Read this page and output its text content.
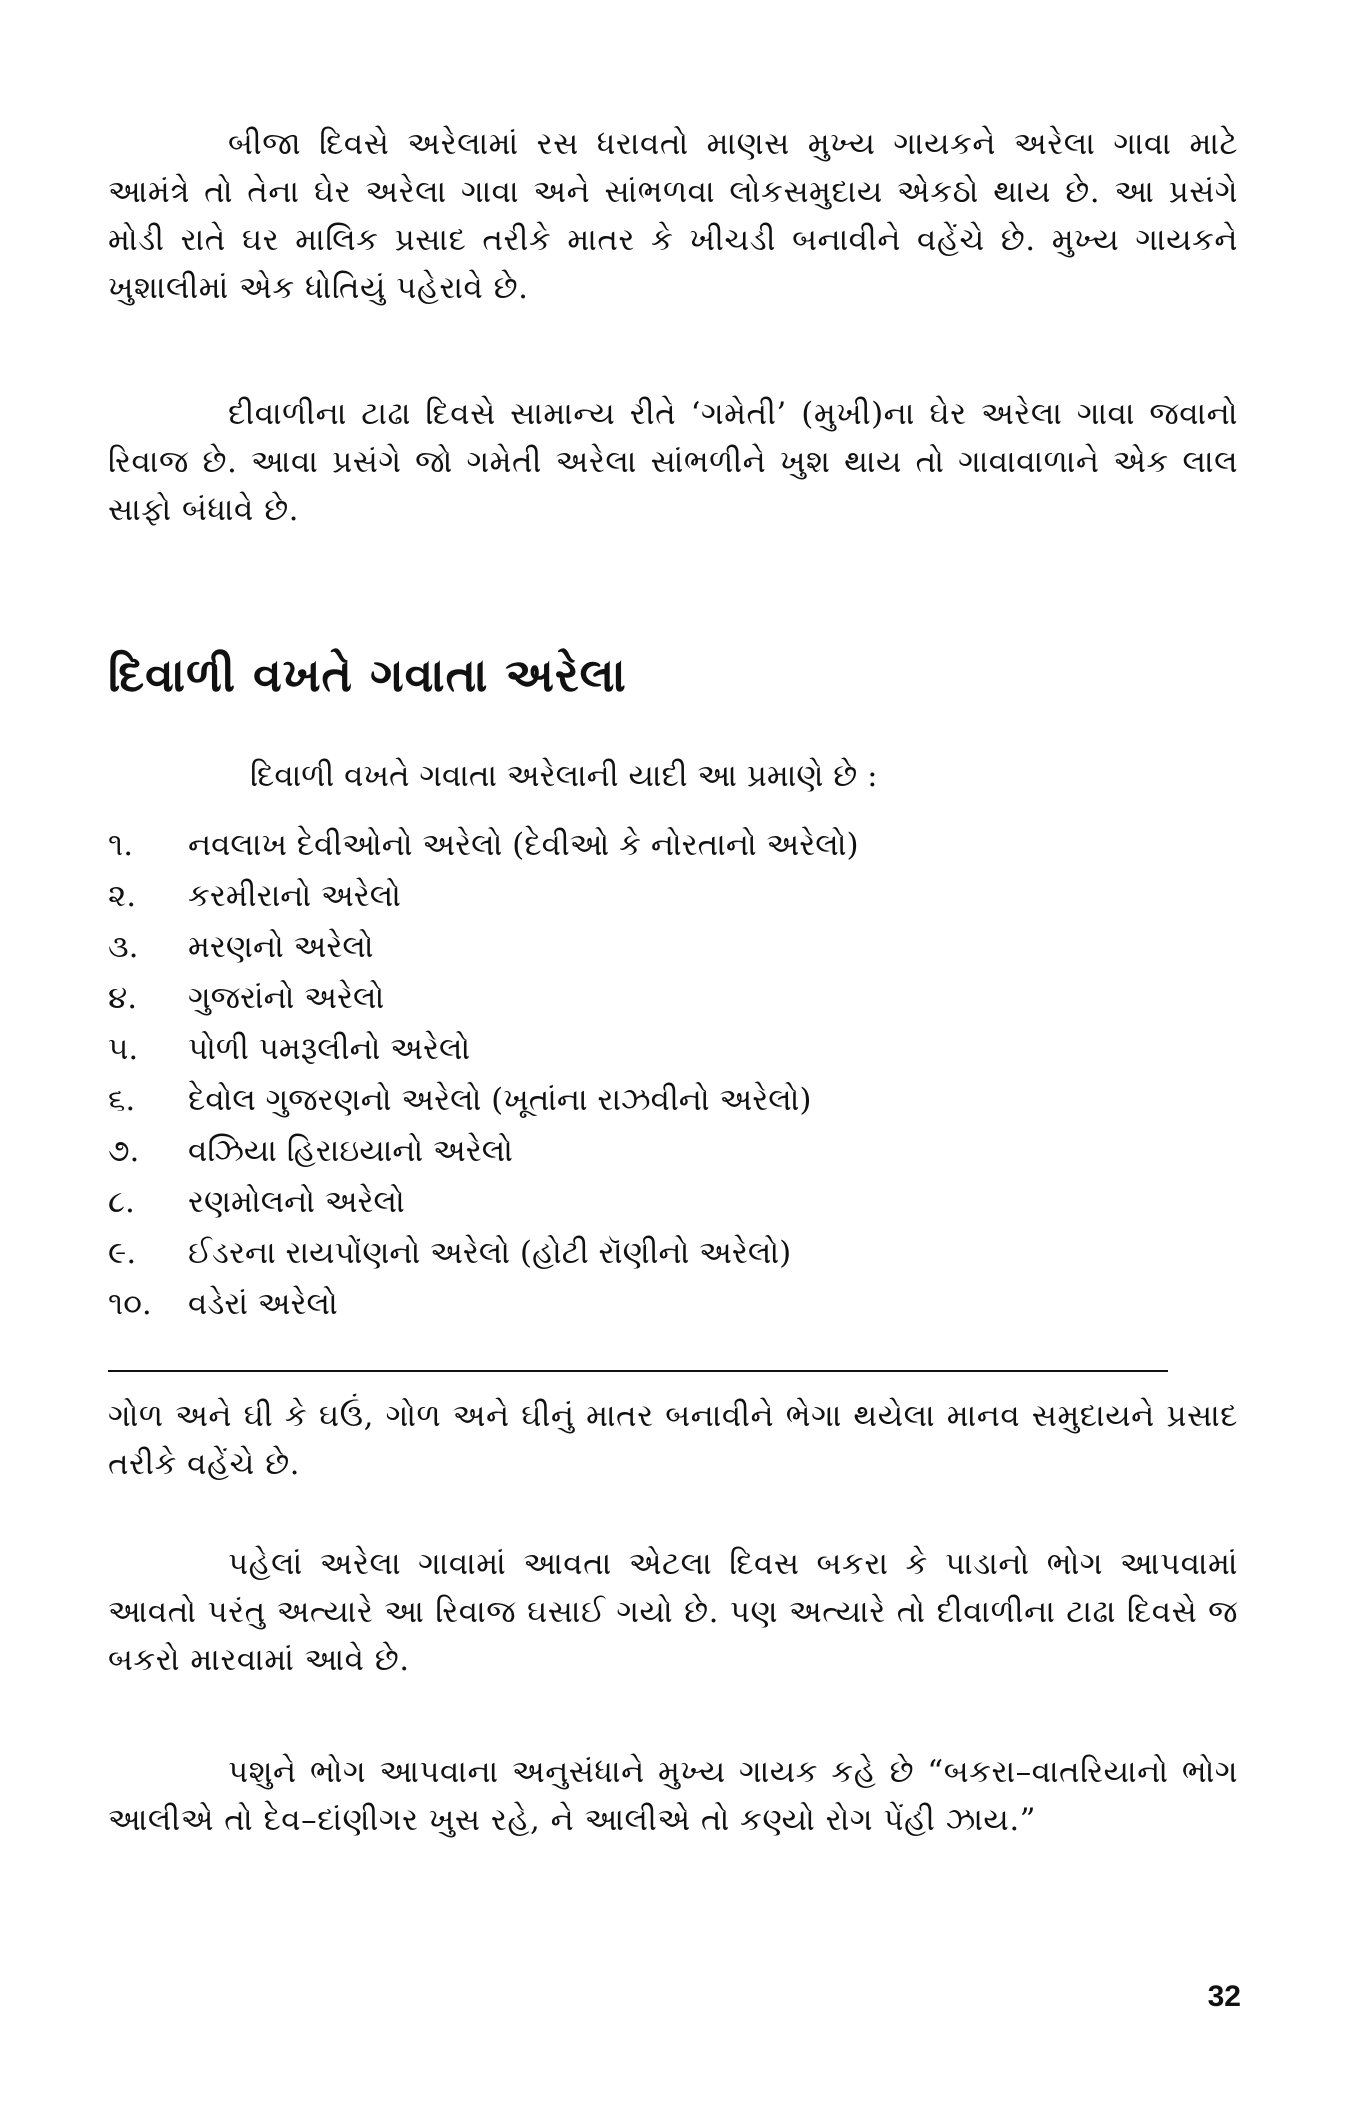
બીજા દિવસે અરેલામાં રસ ધરાવતો માણસ મુખ્ય ગાયકને અરેલા ગાવા માટે આમંત્રે તો તેના ઘેર અરેલા ગાવા અને સાંભળવા લોકસમુદાય એકઠો થાય છે. આ પ્રસંગે મોડી રાતે ઘર માલિક પ્રસાદ તરીકે માતર કે ખીચડી બનાવીને વહેંચે છે. મુખ્ય ગાયકને ખુશાલીમાં એક ધોતિયું પહેરાવે છે.

દીવાળીના ટાઢા દિવસે સામાન્ય રીતે ‘ગમેતી’ (મુખી)ના ઘેર અરેલા ગાવા જવાનો રિવાજ છે. આવા પ્રસંગે જો ગમેતી અરેલા સાંભળીને ખુશ થાય તો ગાવાવાળાને એક લાલ સાફો બંધાવે છે.

દિવાળી વખતે ગવાતા અરેલા
દિવાળી વખતે ગવાતા અરેલાની યાદી આ પ્રમાણે છે :
૧.	નવલાખ દેવીઓનો અરેલો (દેવીઓ કે નોરતાનો અરેલો)
૨.	કરમીરાનો અરેલો
૩.	મરણનો અરેલો
૪.	ગુજરાંનો અરેલો
૫.	પોળી પમરૂલીનો અરેલો
૬.	દેવોલ ગુજરણનો અરેલો (ખૂતાંના રાઝવીનો અરેલો)
૭.	વઝિયા હિરાઇયાનો અરેલો
૮.	રણમોલનો અરેલો
૯.	ઈડરના રાયપોંણનો અરેલો (હોટી રૉણીનો અરેલો)
૧૦.	વડેરાં અરેલો

ગોળ અને ઘી કે ઘઉં, ગોળ અને ઘીનું માતર બનાવીને ભેગા થયેલા માનવ સમુદાયને પ્રસાદ તરીકે વહેંચે છે.

પહેલાં અરેલા ગાવામાં આવતા એટલા દિવસ બકરા કે પાડાનો ભોગ આપવામાં આવતો પરંતુ અત્યારે આ રિવાજ ઘસાઈ ગયો છે. પણ અત્યારે તો દીવાળીના ટાઢા દિવસે જ બકરો મારવામાં આવે છે.

પશુને ભોગ આપવાના અનુસંધાને મુખ્ય ગાયક કહે છે “બકરા–વાતરિયાનો ભોગ આલીએ તો દેવ–દાંણીગર ખુસ રહે, ને આલીએ તો કણ્યો રોગ પેંહી ઝાય.”

32
